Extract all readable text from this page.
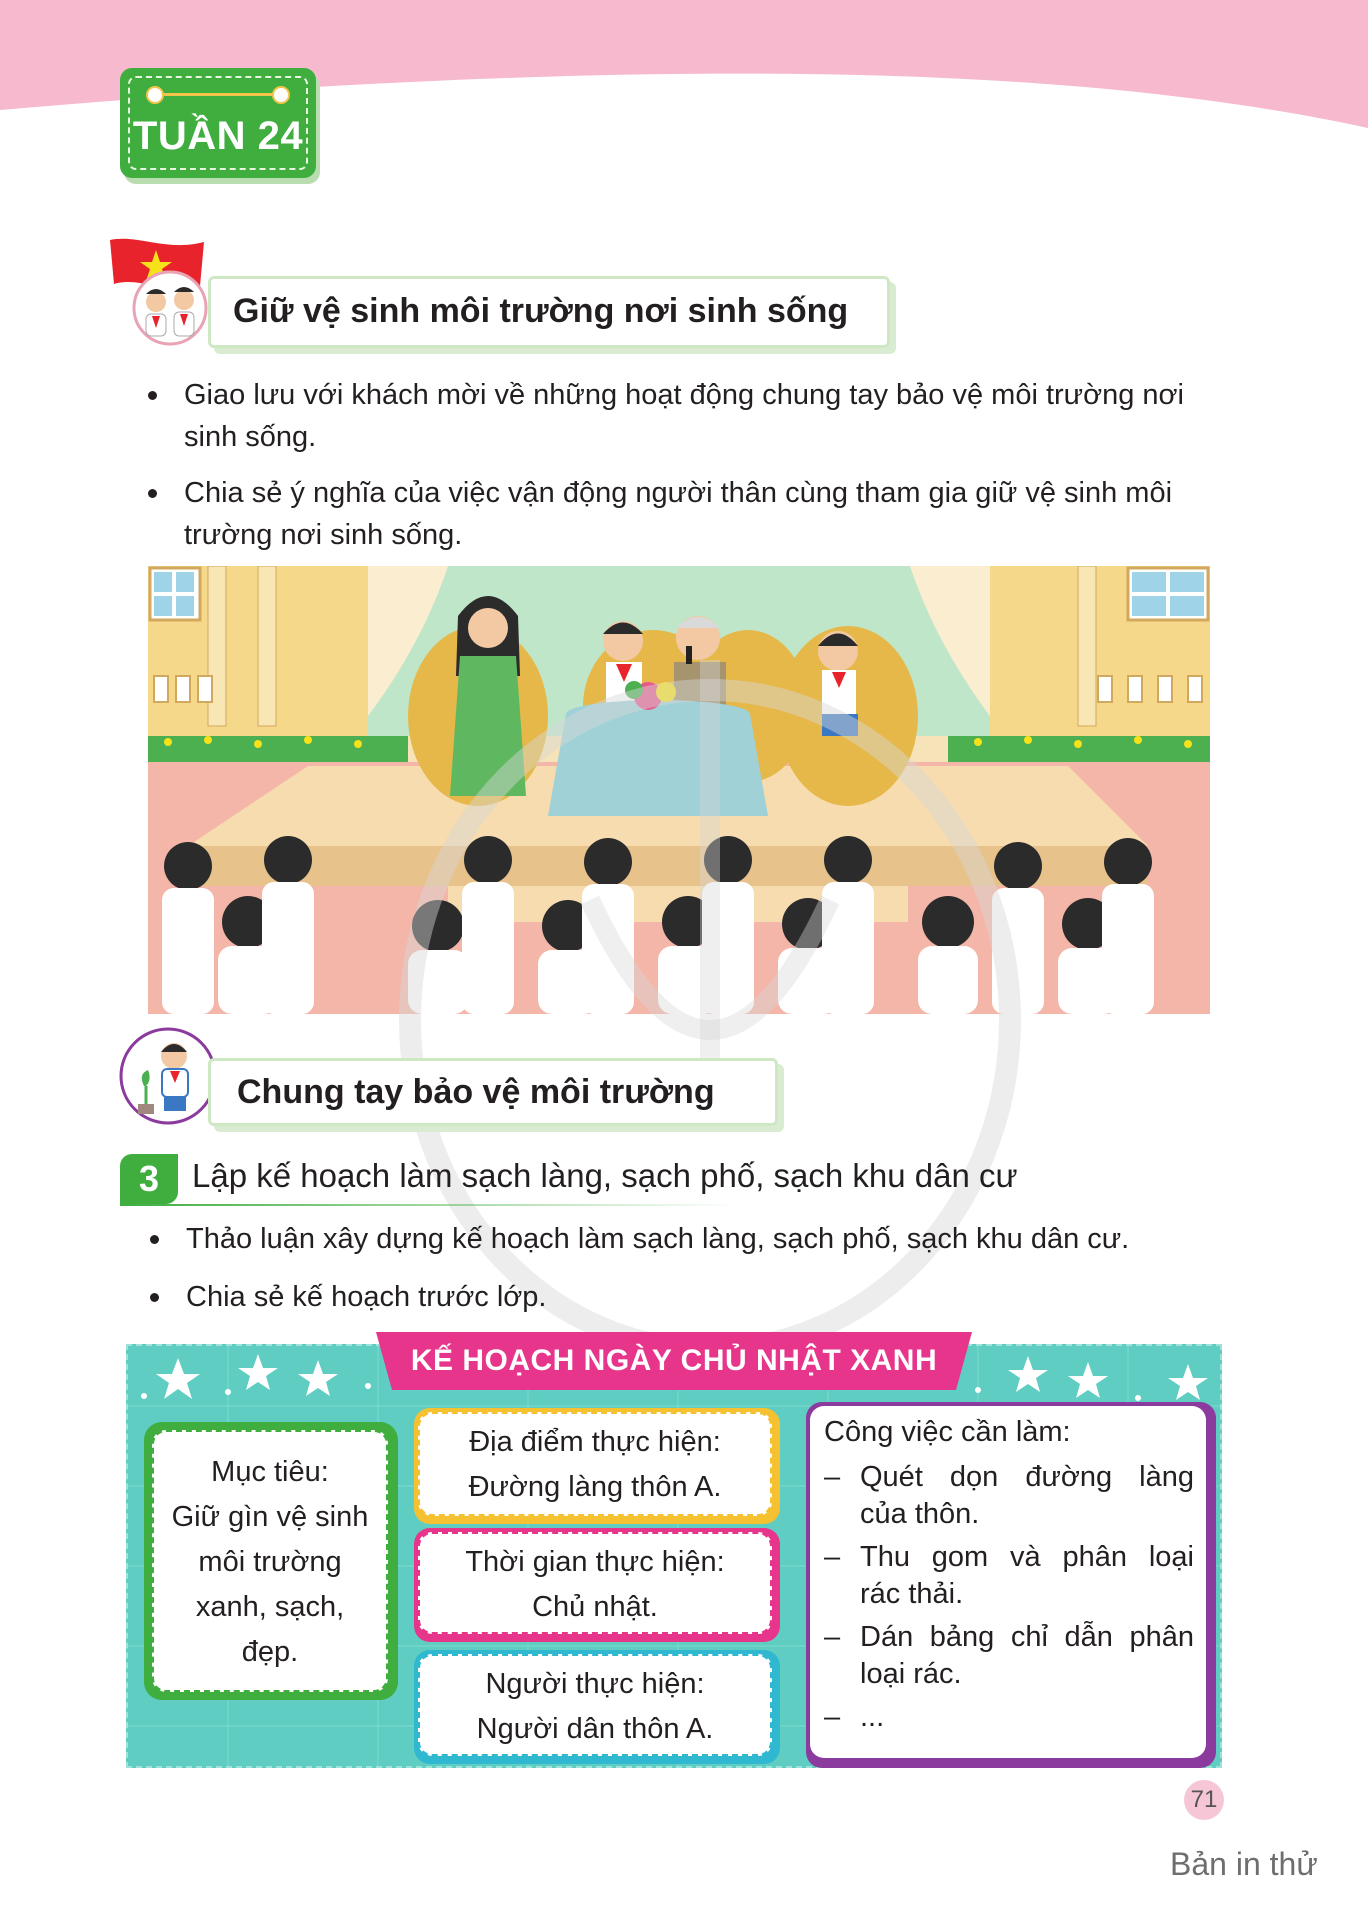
TUẦN 24
Giữ vệ sinh môi trường nơi sinh sống
Giao lưu với khách mời về những hoạt động chung tay bảo vệ môi trường nơi sinh sống.
Chia sẻ ý nghĩa của việc vận động người thân cùng tham gia giữ vệ sinh môi trường nơi sinh sống.
Chung tay bảo vệ môi trường
3 Lập kế hoạch làm sạch làng, sạch phố, sạch khu dân cư
Thảo luận xây dựng kế hoạch làm sạch làng, sạch phố, sạch khu dân cư.
Chia sẻ kế hoạch trước lớp.
KẾ HOẠCH NGÀY CHỦ NHẬT XANH
Mục tiêu:
Giữ gìn vệ sinh
môi trường
xanh, sạch,
đẹp.
Địa điểm thực hiện:
Đường làng thôn A.
Thời gian thực hiện:
Chủ nhật.
Người thực hiện:
Người dân thôn A.
Công việc cần làm:
– Quét dọn đường làng
của thôn.
– Thu gom và phân loại
rác thải.
– Dán bảng chỉ dẫn phân
loại rác.
– ...
71
Bản in thử
